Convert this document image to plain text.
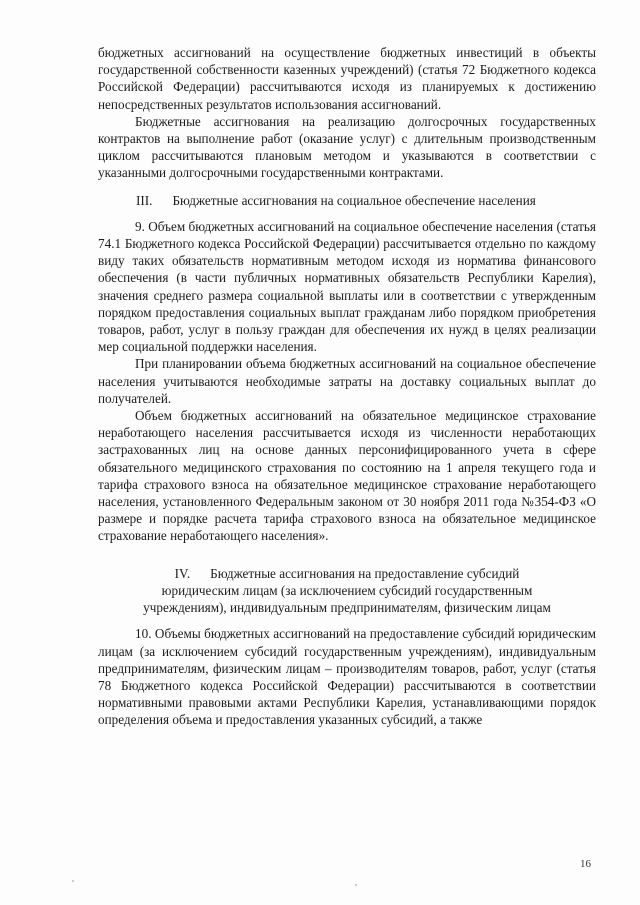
бюджетных ассигнований на осуществление бюджетных инвестиций в объекты государственной собственности казенных учреждений) (статья 72 Бюджетного кодекса Российской Федерации) рассчитываются исходя из планируемых к достижению непосредственных результатов использования ассигнований.

Бюджетные ассигнования на реализацию долгосрочных государственных контрактов на выполнение работ (оказание услуг) с длительным производственным циклом рассчитываются плановым методом и указываются в соответствии с указанными долгосрочными государственными контрактами.

III. Бюджетные ассигнования на социальное обеспечение населения

9. Объем бюджетных ассигнований на социальное обеспечение населения (статья 74.1 Бюджетного кодекса Российской Федерации) рассчитывается отдельно по каждому виду таких обязательств нормативным методом исходя из норматива финансового обеспечения (в части публичных нормативных обязательств Республики Карелия), значения среднего размера социальной выплаты или в соответствии с утвержденным порядком предоставления социальных выплат гражданам либо порядком приобретения товаров, работ, услуг в пользу граждан для обеспечения их нужд в целях реализации мер социальной поддержки населения.

При планировании объема бюджетных ассигнований на социальное обеспечение населения учитываются необходимые затраты на доставку социальных выплат до получателей.

Объем бюджетных ассигнований на обязательное медицинское страхование неработающего населения рассчитывается исходя из численности неработающих застрахованных лиц на основе данных персонифицированного учета в сфере обязательного медицинского страхования по состоянию на 1 апреля текущего года и тарифа страхового взноса на обязательное медицинское страхование неработающего населения, установленного Федеральным законом от 30 ноября 2011 года №354-ФЗ «О размере и порядке расчета тарифа страхового взноса на обязательное медицинское страхование неработающего населения».

IV. Бюджетные ассигнования на предоставление субсидий
юридическим лицам (за исключением субсидий государственным
учреждениям), индивидуальным предпринимателям, физическим лицам

10. Объемы бюджетных ассигнований на предоставление субсидий юридическим лицам (за исключением субсидий государственным учреждениям), индивидуальным предпринимателям, физическим лицам – производителям товаров, работ, услуг (статья 78 Бюджетного кодекса Российской Федерации) рассчитываются в соответствии нормативными правовыми актами Республики Карелия, устанавливающими порядок определения объема и предоставления указанных субсидий, а также

16
